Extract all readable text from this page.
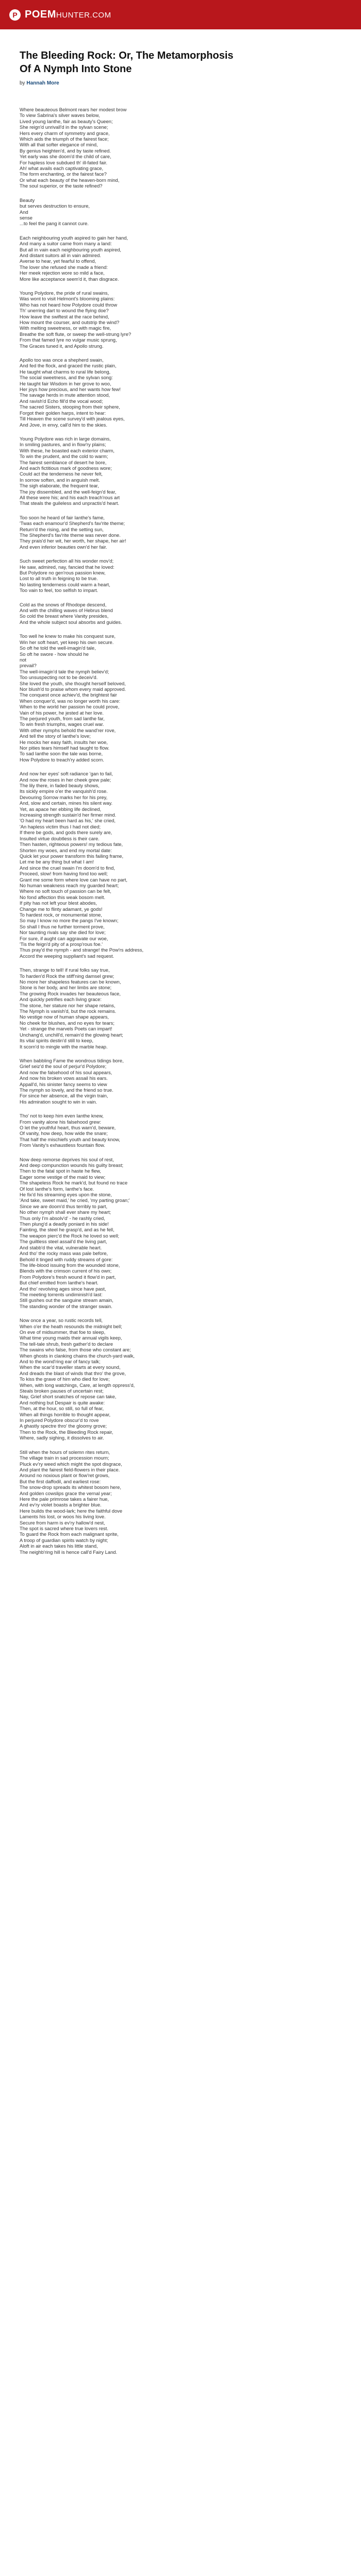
P POEMHUNTER.COM
The Bleeding Rock: Or, The Metamorphosis Of A Nymph Into Stone
by Hannah More
Where beauteous Belmont rears her modest brow
To view Sabrina's silver waves below,
Lived young Ianthe, fair as beauty's Queen;
She reign'd unrivall'd in the sylvan scene;
Hers every charm of symmetry and grace,
Which aids the triumph of the fairest face;
With all that softer elegance of mind,
By genius heighten'd, and by taste refined.
Yet early was she doom'd the child of care,
For hapless love subdued th' ill-fated fair.
Ah! what avails each captivating grace,
The form enchanting, or the fairest face?
Or what each beauty of the heaven-born mind,
The soul superior, or the taste refined?
Beauty
but serves destruction to ensure,
And
sense
...to feel the pang it cannot cure.
Each neighbouring youth aspired to gain her hand,
And many a suitor came from many a land:
But all in vain each neighbouring youth aspired,
And distant suitors all in vain admired.
Averse to hear, yet fearful to offend,
The lover she refused she made a friend:
Her meek rejection wore so mild a face,
More like acceptance seem'd it, than disgrace.
Young Polydore, the pride of rural swains,
Was wont to visit Helmont's blooming plains:
Who has not heard how Polydore could throw
Th' unerring dart to wound the flying doe?
How leave the swiftest at the race behind,
How mount the courser, and outstrip the wind?
With melting sweetness, or with magic fire,
Breathe the soft flute, or sweep the well-strung lyre?
From that famed lyre no vulgar music sprung,
The Graces tuned it, and Apollo strung.
Apollo too was once a shepherd swain,
And fed the flock, and graced the rustic plain,
He taught what charms to rural life belong,
The social sweetness, and the sylvan song:
He taught fair Wisdom in her grove to woo,
Her joys how precious, and her wants how few!
The savage herds in mute attention stood,
And ravish'd Echo fill'd the vocal wood;
The sacred Sisters, stooping from their sphere,
Forgot their golden harps, intent to hear:
Till Heaven the scene survey'd with jealous eyes,
And Jove, in envy, call'd him to the skies.
Young Polydore was rich in large domains,
In smiling pastures, and in flow'ry plains;
With these, he boasted each exterior charm,
To win the prudent, and the cold to warm;
The fairest semblance of desert he bore,
And each fictitious mark of goodness wore;
Could act the tenderness he never felt,
In sorrow soften, and in anguish melt.
The sigh elaborate, the frequent tear,
The joy dissembled, and the well-feign'd fear,
All these were his; and his each treach'rous art
That steals the guileless and unpractis'd heart.
Too soon he heard of fair Ianthe's fame,
'Twas each enamour'd Shepherd's fav'rite theme;
Return'd the rising, and the setting sun,
The Shepherd's fav'rite theme was never done.
They prais'd her wit, her worth, her shape, her air!
And even inferior beauties own'd her fair.
Such sweet perfection all his wonder mov'd;
He saw, admired, nay, fancied that he loved:
But Polydore no gen'rous passion knew,
Lost to all truth in feigning to be true.
No lasting tenderness could warm a heart,
Too vain to feel, too selfish to impart.
Cold as the snows of Rhodope descend,
And with the chilling waves of Hebrus blend
So cold the breast where Vanity presides,
And the whole subject soul absorbs and guides.
Too well he knew to make his conquest sure,
Win her soft heart, yet keep his own secure.
So oft he told the well-imagin'd tale,
So oft he swore - how should he
not
prevail?
The well-imagin'd tale the nymph believ'd;
Too unsuspecting not to be deceiv'd.
She loved the youth, she thought herself beloved,
Nor blush'd to praise whom every maid approved.
The conquest once achiev'd, the brightest fair
When conquer'd, was no longer worth his care:
When to the world her passion he could prove,
Vain of his power, he jested at her love.
The perjured youth, from sad Ianthe far,
To win fresh triumphs, wages cruel war.
With other nymphs behold the wand'rer rove,
And tell the story of Ianthe's love;
He mocks her easy faith, insults her woe,
Nor pities tears himself had taught to flow.
To sad Ianthe soon the tale was borne,
How Polydore to treach'ry added scorn.
And now her eyes' soft radiance 'gan to fail,
And now the roses in her cheek grew pale;
The lily there, in faded beauty shows,
Its sickly empire o'er the vanquish'd rose.
Devouring Sorrow marks her for his prey,
And, slow and certain, mines his silent way.
Yet, as apace her ebbing life declined,
Increasing strength sustain'd her firmer mind.
'O had my heart been hard as his,' she cried,
'An hapless victim thus I had not died;
If there be gods, and gods there surely are,
Insulted virtue doubtless is their care.
Then hasten, righteous powers! my tedious fate,
Shorten my woes, and end my mortal date:
Quick let your power transform this failing frame,
Let me be any thing but what I am!
And since the cruel swain I'm doom'd to find,
Proceed, slow! from having fond too well;
Grant me some form where love can have no part,
No human weakness reach my guarded heart;
Where no soft touch of passion can be felt,
No fond affection this weak bosom melt.
If pity has not left your blest abodes,
Change me to flinty adamant, ye gods!
To hardest rock, or monumental stone,
So may I know no more the pangs I've known;
So shall I thus ne further torment prove,
Nor taunting rivals say she died for love;
For sure, if aught can aggravate our woe,
'Tis the feign'd pity of a prosp'rous foe.'
Thus pray'd the nymph - and strange! the Pow'rs address,
Accord the weeping suppliant's sad request.
Then, strange to tell! if rural folks say true,
To harden'd Rock the stiff'ning damsel grew;
No more her shapeless features can be known,
Stone is her body, and her limbs are stone;
The growing Rock invades her beauteous face,
And quickly petrifies each living grace:
The stone, her stature nor her shape retains,
The Nymph is vanish'd, but the rock remains.
No vestige now of human shape appears,
No cheek for blushes, and no eyes for tears;
Yet - strange the marvels Poets can impart!
Unchang'd, unchill'd, remain'd the glowing heart;
Its vital spirits destin'd still to keep,
It scorn'd to mingle with the marble heap.
When babbling Fame the wondrous tidings bore,
Grief seiz'd the soul of perjur'd Polydore;
And now the falsehood of his soul appears,
And now his broken vows assail his ears.
Appall'd, his sinister fancy seems to view
The nymph so lovely, and the friend so true.
For since her absence, all the virgin train,
His admiration sought to win in vain.
Tho' not to keep him even Ianthe knew,
From vanity alone his falsehood grew:
O let the youthful heart, thus warn'd, beware,
Of vanity, how deep, how wide the snare;
That half the mischiefs youth and beauty know,
From Vanity's exhaustless fountain flow.
Now deep remorse deprives his soul of rest,
And deep compunction wounds his guilty breast;
Then to the fatal spot in haste he flew,
Eager some vestige of the maid to view;
The shapeless Rock he mark'd, but found no trace
Of lost Ianthe's form, Ianthe's face.
He fix'd his streaming eyes upon the stone,
'And take, sweet maid,' he cried, 'my parting groan;'
Since we are doom'd thus terribly to part,
No other nymph shall ever share my heart;
Thus only I'm absolv'd' - he rashly cried,
Then plung'd a deadly poniard in his side!
Fainting, the steel he grasp'd, and as he fell,
The weapon pierc'd the Rock he loved so well;
The guiltless steel assail'd the living part,
And stabb'd the vital, vulnerable heart.
And tho' the rocky mass was pale before,
Behold it tinged with ruddy streams of gore:
The life-blood issuing from the wounded stone,
Blends with the crimson current of his own;
From Polydore's fresh wound it flow'd in part,
But chief emitted from Ianthe's heart.
And tho' revolving ages since have past,
The meeting torrents undiminish'd last:
Still gushes out the sanguine stream amain,
The standing wonder of the stranger swain.
Now once a year, so rustic records tell,
When o'er the heath resounds the midnight bell;
On eve of midsummer, that foe to sleep,
What time young maids their annual vigils keep,
The tell-tale shrub, fresh gather'd to declare
The swains who false, from those who constant are;
When ghosts in clanking chains the church-yard walk,
And to the wond'ring ear of fancy talk;
When the scar'd traveller starts at every sound,
And dreads the blast of winds that thro' the grove,
To kiss the grave of him who died for love;
When, with long watchings, Care, at length oppress'd,
Steals broken pauses of uncertain rest;
Nay, Grief short snatches of repose can take,
And nothing but Despair is quite awake:
Then, at the hour, so still, so full of fear,
When all things horrible to thought appear,
In perjured Polydore obscur'd to rove
A ghastly spectre thro' the gloomy grove;
Then to the Rock, the Bleeding Rock repair,
Where, sadly sighing, it dissolves to air.
Still when the hours of solemn rites return,
The village train in sad procession mourn;
Pluck ev'ry weed which might the spot disgrace,
And plant the fairest field-flowers in their place.
Around no noxious plant or flow'ret grows,
But the first daffodil, and earliest rose:
The snow-drop spreads its whitest bosom here,
And golden cowslips grace the vernal year;
Here the pale primrose takes a fairer hue,
And ev'ry violet boasts a brighter blue.
Here builds the wood-lark; here the faithful dove
Laments his lost, or woos his living love.
Secure from harm is ev'ry hallow'd nest,
The spot is sacred where true lovers rest.
To guard the Rock from each malignant sprite,
A troop of guardian spirits watch by night;
Aloft in air each takes his little stand,
The neighb'ring hill is hence call'd Fairy Land.
